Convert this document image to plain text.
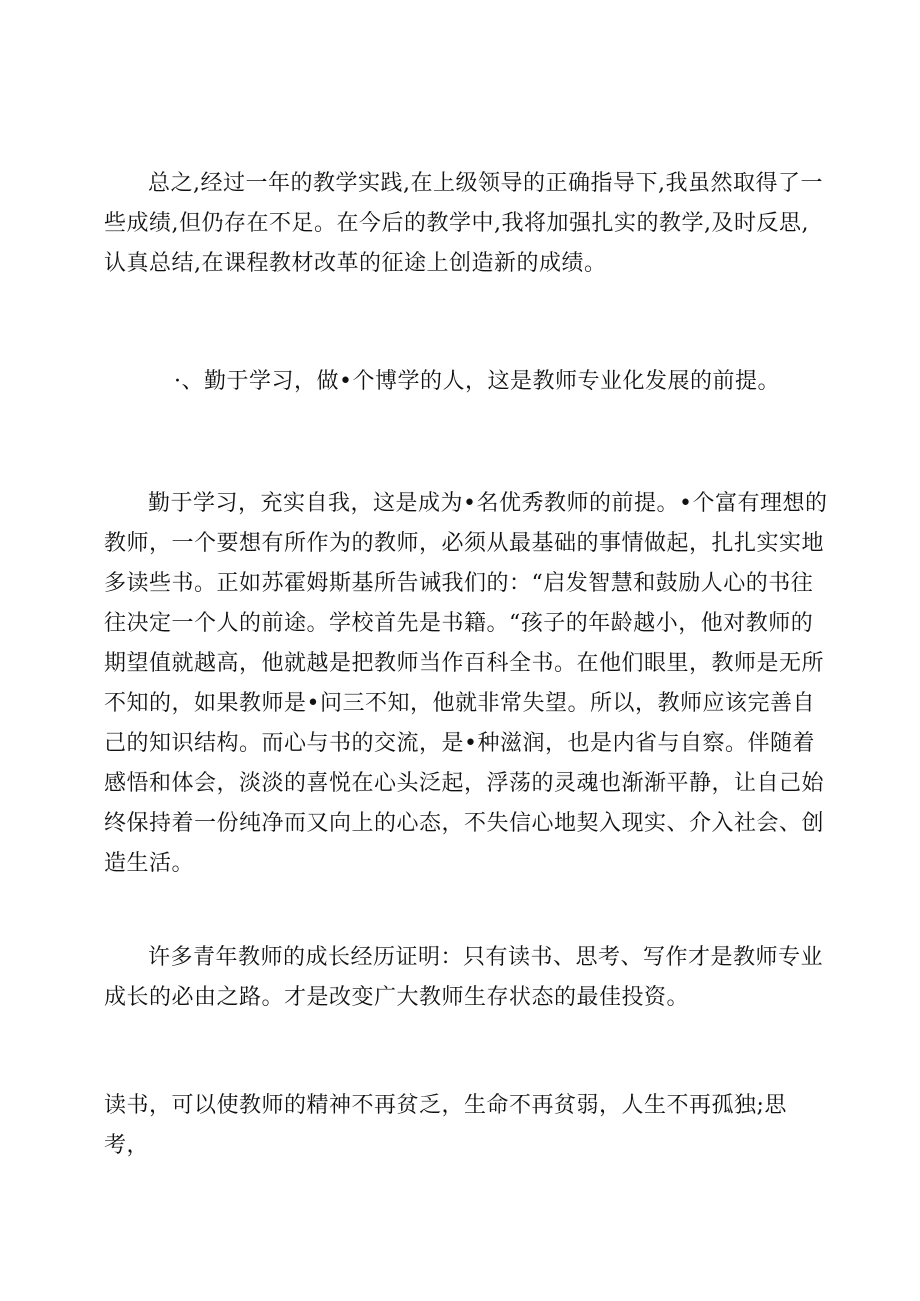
总之,经过一年的教学实践,在上级领导的正确指导下,我虽然取得了一些成绩,但仍存在不足。在今后的教学中,我将加强扎实的教学,及时反思,认真总结,在课程教材改革的征途上创造新的成绩。

·、勤于学习，做•个博学的人，这是教师专业化发展的前提。

勤于学习，充实自我，这是成为•名优秀教师的前提。•个富有理想的教师，一个要想有所作为的教师，必须从最基础的事情做起，扎扎实实地多读些书。正如苏霍姆斯基所告诫我们的：“启发智慧和鼓励人心的书往往决定一个人的前途。学校首先是书籍。“孩子的年龄越小，他对教师的期望值就越高，他就越是把教师当作百科全书。在他们眼里，教师是无所不知的，如果教师是•问三不知，他就非常失望。所以，教师应该完善自己的知识结构。而心与书的交流，是•种滋润，也是内省与自察。伴随着感悟和体会，淡淡的喜悦在心头泛起，浮荡的灵魂也渐渐平静，让自己始终保持着一份纯净而又向上的心态，不失信心地契入现实、介入社会、创造生活。

许多青年教师的成长经历证明：只有读书、思考、写作才是教师专业成长的必由之路。才是改变广大教师生存状态的最佳投资。

读书，可以使教师的精神不再贫乏，生命不再贫弱，人生不再孤独;思考，
